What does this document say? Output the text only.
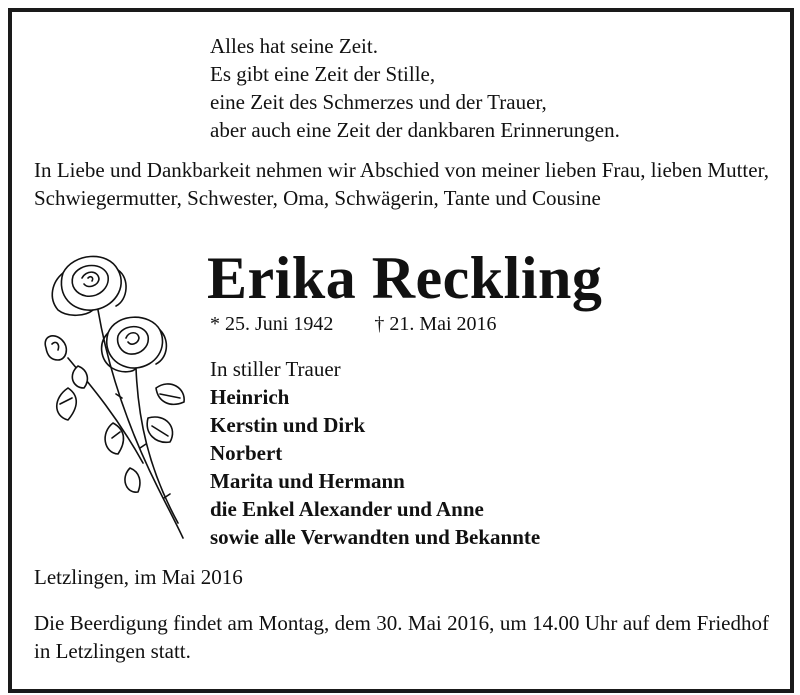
Alles hat seine Zeit.
Es gibt eine Zeit der Stille,
eine Zeit des Schmerzes und der Trauer,
aber auch eine Zeit der dankbaren Erinnerungen.
In Liebe und Dankbarkeit nehmen wir Abschied von meiner lieben Frau, lieben Mutter, Schwiegermutter, Schwester, Oma, Schwägerin, Tante und Cousine
Erika Reckling
* 25. Juni 1942 † 21. Mai 2016
In stiller Trauer
Heinrich
Kerstin und Dirk
Norbert
Marita und Hermann
die Enkel Alexander und Anne
sowie alle Verwandten und Bekannte
Letzlingen, im Mai 2016
Die Beerdigung findet am Montag, dem 30. Mai 2016, um 14.00 Uhr auf dem Friedhof in Letzlingen statt.
